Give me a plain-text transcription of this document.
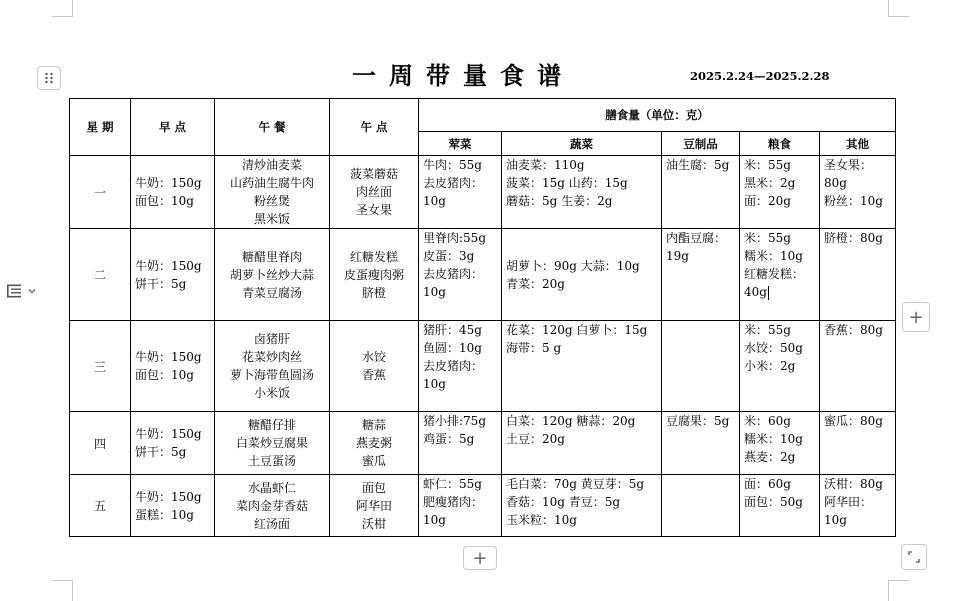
+
+
一周带量食谱	2025.2.24—2025.2.28
星 期	早 点	午 餐	午 点	膳食量（单位：克）				
				荤菜	蔬菜	豆制品	粮食	其他
一	牛奶：150g
面包：10g	清炒油麦菜
山药油生腐牛肉
粉丝煲
黑米饭	菠菜蘑菇
肉丝面
圣女果	牛肉：55g
去皮猪肉：
10g	油麦菜：110g
菠菜：15g 山药：15g
蘑菇：5g 生姜：2g	油生腐：5g	米：55g
黑米：2g
面：20g	圣女果：
80g
粉丝：10g

二	牛奶：150g
饼干：5g	糖醋里脊肉
胡萝卜丝炒大蒜
青菜豆腐汤	红糖发糕
皮蛋瘦肉粥
脐橙	里脊肉:55g
皮蛋：3g
去皮猪肉：
10g	胡萝卜：90g 大蒜：10g
青菜：20g	内酯豆腐：
19g	米：55g
糯米：10g
红糖发糕：
40g	脐橙：80g

三	牛奶：150g
面包：10g	卤猪肝
花菜炒肉丝
萝卜海带鱼圆汤
小米饭	水饺
香蕉	猪肝：45g
鱼圆：10g
去皮猪肉：
10g	花菜：120g 白萝卜：15g
海带：5 g		米：55g
水饺：50g
小米：2g	香蕉：80g

四	牛奶：150g
饼干：5g	糖醋仔排
白菜炒豆腐果
土豆蛋汤	糖蒜
燕麦粥
蜜瓜	猪小排:75g
鸡蛋：5g	白菜：120g 糖蒜：20g
土豆：20g	豆腐果：5g	米：60g
糯米：10g
燕麦：2g	蜜瓜：80g

五	牛奶：150g
蛋糕：10g	水晶虾仁
菜肉金芽香菇
红汤面	面包
阿华田
沃柑	虾仁：55g
肥瘦猪肉：
10g	毛白菜：70g 黄豆芽：5g
香菇：10g 青豆：5g
玉米粒：10g		面：60g
面包：50g	沃柑：80g
阿华田：
10g
